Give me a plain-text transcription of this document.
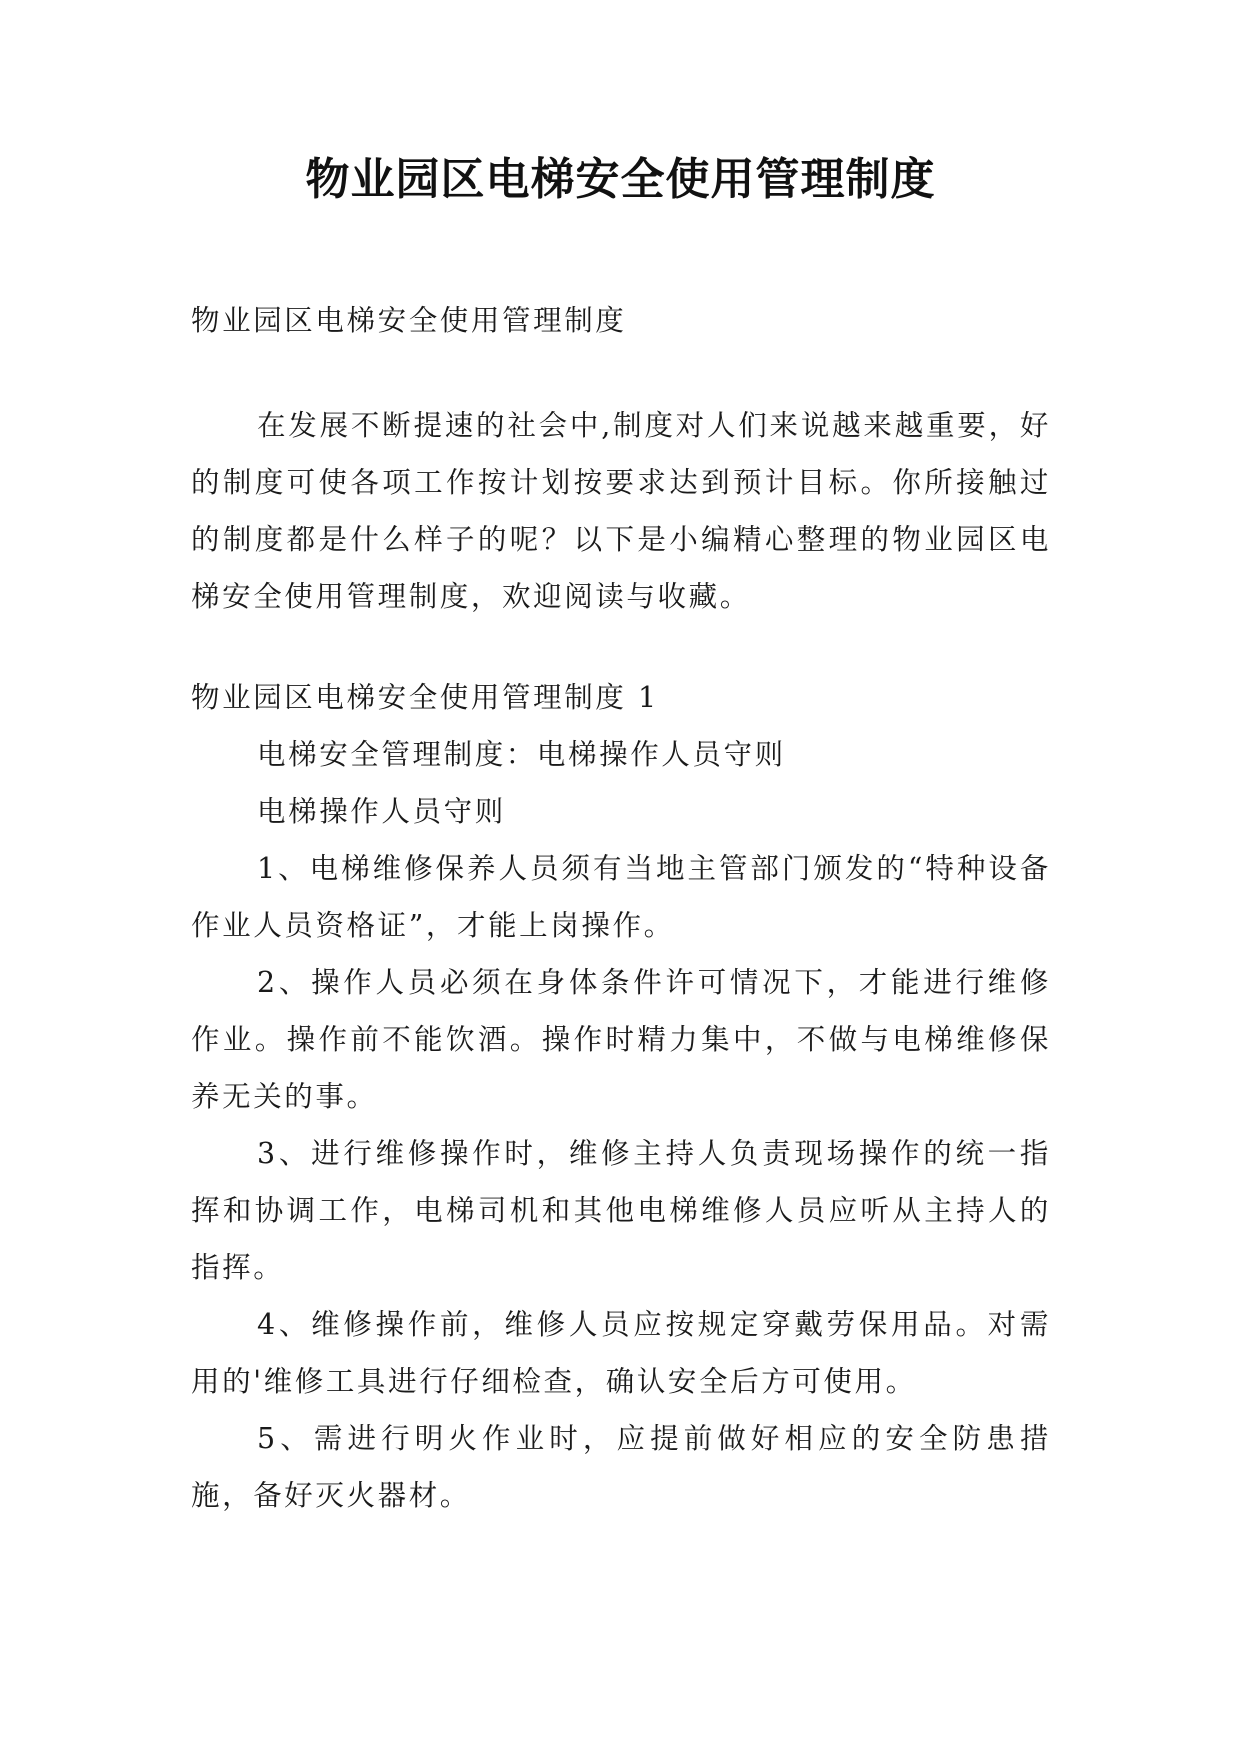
物业园区电梯安全使用管理制度
物业园区电梯安全使用管理制度
在发展不断提速的社会中,制度对人们来说越来越重要，好的制度可使各项工作按计划按要求达到预计目标。你所接触过的制度都是什么样子的呢？以下是小编精心整理的物业园区电梯安全使用管理制度，欢迎阅读与收藏。
物业园区电梯安全使用管理制度 1
电梯安全管理制度：电梯操作人员守则
电梯操作人员守则
1、电梯维修保养人员须有当地主管部门颁发的“特种设备作业人员资格证”，才能上岗操作。
2、操作人员必须在身体条件许可情况下，才能进行维修作业。操作前不能饮酒。操作时精力集中，不做与电梯维修保养无关的事。
3、进行维修操作时，维修主持人负责现场操作的统一指挥和协调工作，电梯司机和其他电梯维修人员应听从主持人的指挥。
4、维修操作前，维修人员应按规定穿戴劳保用品。对需用的'维修工具进行仔细检查，确认安全后方可使用。
5、需进行明火作业时，应提前做好相应的安全防患措施，备好灭火器材。
